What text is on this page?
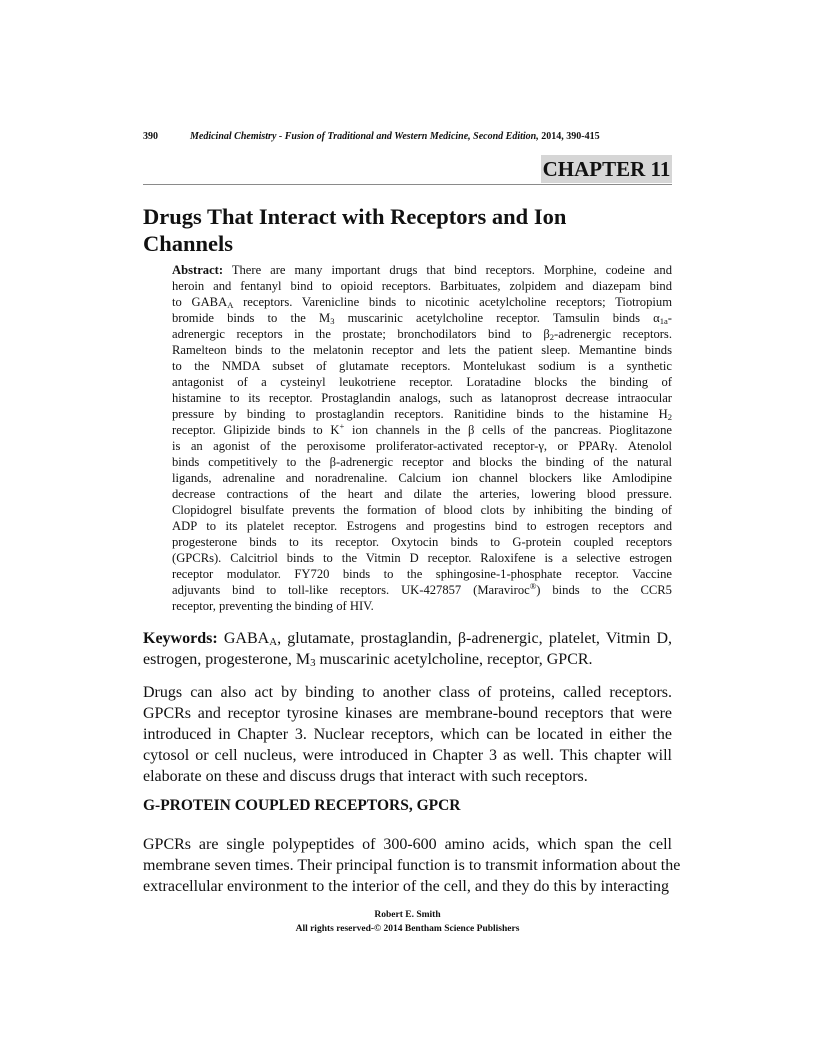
390	Medicinal Chemistry - Fusion of Traditional and Western Medicine, Second Edition, 2014, 390-415
CHAPTER 11
Drugs That Interact with Receptors and Ion
Channels
Abstract: There are many important drugs that bind receptors. Morphine, codeine and
heroin and fentanyl bind to opioid receptors. Barbituates, zolpidem and diazepam bind
to $GABA_A$ receptors. Varenicline binds to nicotinic acetylcholine receptors; Tiotropium
bromide binds to the $M_3$ muscarinic acetylcholine receptor. Tamsulin binds $\alpha_{1a}-$
adrenergic receptors in the prostate; bronchodilators bind to $\beta_2$-adrenergic receptors.
Ramelteon binds to the melatonin receptor and lets the patient sleep. Memantine binds
to the NMDA subset of glutamate receptors. Montelukast sodium is a synthetic
antagonist of a cysteinyl leukotriene receptor. Loratadine blocks the binding of
histamine to its receptor. Prostaglandin analogs, such as latanoprost decrease intraocular
pressure by binding to prostaglandin receptors. Ranitidine binds to the histamine $H_2$
receptor. Glipizide binds to K+ ion channels in the β cells of the pancreas. Pioglitazone
is an agonist of the peroxisome proliferator-activated receptor-γ, or PPARγ. Atenolol
binds competitively to the β-adrenergic receptor and blocks the binding of the natural
ligands, adrenaline and noradrenaline. Calcium ion channel blockers like Amlodipine
decrease contractions of the heart and dilate the arteries, lowering blood pressure.
Clopidogrel bisulfate prevents the formation of blood clots by inhibiting the binding of
ADP to its platelet receptor. Estrogens and progestins bind to estrogen receptors and
progesterone binds to its receptor. Oxytocin binds to G-protein coupled receptors
(GPCRs). Calcitriol binds to the Vitmin D receptor. Raloxifene is a selective estrogen
receptor modulator. FY720 binds to the sphingosine-1-phosphate receptor. Vaccine
adjuvants bind to toll-like receptors. UK-427857 (Maraviroc®) binds to the CCR5
receptor, preventing the binding of HIV.
Keywords: $GABA_A$, glutamate, prostaglandin, β-adrenergic, platelet, Vitmin D,
estrogen, progesterone, $M_3$ muscarinic acetylcholine, receptor, GPCR.
Drugs can also act by binding to another class of proteins, called receptors.
GPCRs and receptor tyrosine kinases are membrane-bound receptors that were
introduced in Chapter 3. Nuclear receptors, which can be located in either the
cytosol or cell nucleus, were introduced in Chapter 3 as well. This chapter will
elaborate on these and discuss drugs that interact with such receptors.
G-PROTEIN COUPLED RECEPTORS, GPCR
GPCRs are single polypeptides of 300-600 amino acids, which span the cell
membrane seven times. Their principal function is to transmit information about the
extracellular environment to the interior of the cell, and they do this by interacting
Robert E. Smith
All rights reserved-© 2014 Bentham Science Publishers
